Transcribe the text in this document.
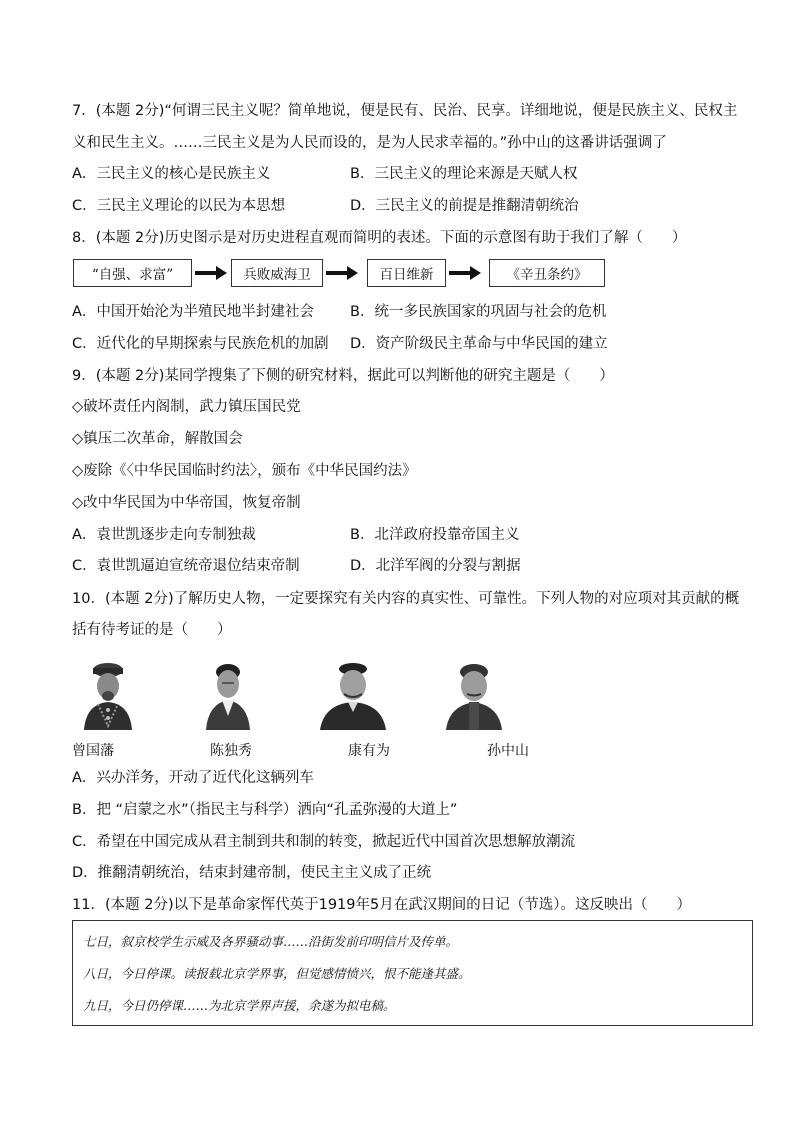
7．(本题 2分)“何谓三民主义呢？简单地说，便是民有、民治、民享。详细地说，便是民族主义、民权主
义和民生主义。……三民主义是为人民而设的，是为人民求幸福的。”孙中山的这番讲话强调了
A．三民主义的核心是民族主义	B．三民主义的理论来源是天赋人权
C．三民主义理论的以民为本思想	D．三民主义的前提是推翻清朝统治
8．(本题 2分)历史图示是对历史进程直观而简明的表述。下面的示意图有助于我们了解（　　）
“自强、求富”	兵败威海卫	百日维新	《辛丑条约》
A．中国开始沦为半殖民地半封建社会 B．统一多民族国家的巩固与社会的危机
C．近代化的早期探索与民族危机的加剧 D．资产阶级民主革命与中华民国的建立
9．(本题 2分)某同学搜集了下侧的研究材料，据此可以判断他的研究主题是（　　）
◇破坏责任内阁制，武力镇压国民党
◇镇压二次革命，解散国会
◇废除《〈中华民国临时约法〉，颁布《中华民国约法》
◇改中华民国为中华帝国，恢复帝制
A．袁世凯逐步走向专制独裁	B．北洋政府投靠帝国主义
C．袁世凯逼迫宣统帝退位结束帝制	D．北洋军阀的分裂与割据
10．(本题 2分)了解历史人物，一定要探究有关内容的真实性、可靠性。下列人物的对应项对其贡献的概
括有待考证的是（　　）
曾国藩	陈独秀	康有为	孙中山
A．兴办洋务，开动了近代化这辆列车
B．把 “启蒙之水”（指民主与科学）洒向“孔孟弥漫的大道上”
C．希望在中国完成从君主制到共和制的转变，掀起近代中国首次思想解放潮流
D．推翻清朝统治，结束封建帝制，使民主主义成了正统
11．(本题 2分)以下是革命家恽代英于1919年5月在武汉期间的日记（节选）。这反映出（　　）
七日，叙京校学生示威及各界骚动事……沿街发前印明信片及传单。
八日，今日停课。读报载北京学界事，但觉感情愤兴，恨不能逢其盛。
九日，今日仍停课……为北京学界声援，余遂为拟电稿。
